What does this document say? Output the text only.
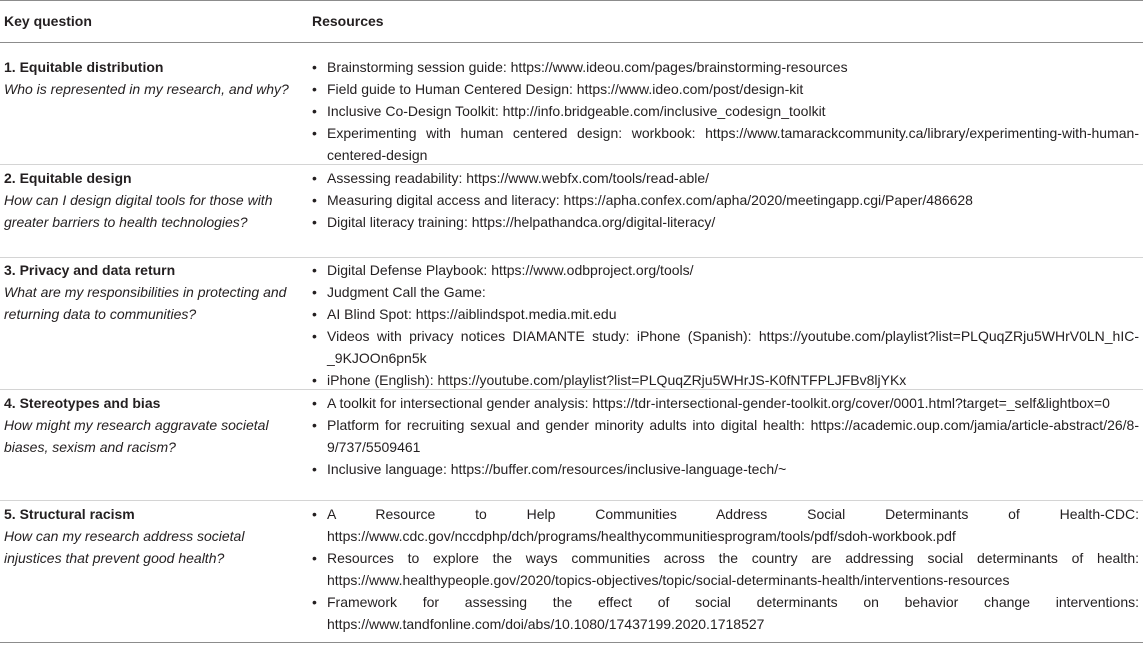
Key question	Resources
1. Equitable distribution
Who is represented in my research, and why?
• Brainstorming session guide: https://www.ideou.com/pages/brainstorming-resources
• Field guide to Human Centered Design: https://www.ideo.com/post/design-kit
• Inclusive Co-Design Toolkit: http://info.bridgeable.com/inclusive_codesign_toolkit
• Experimenting with human centered design: workbook: https://www.tamarackcommunity.ca/library/experimenting-with-human-centered-design
2. Equitable design
How can I design digital tools for those with greater barriers to health technologies?
• Assessing readability: https://www.webfx.com/tools/read-able/
• Measuring digital access and literacy: https://apha.confex.com/apha/2020/meetingapp.cgi/Paper/486628
• Digital literacy training: https://helpathandca.org/digital-literacy/
3. Privacy and data return
What are my responsibilities in protecting and returning data to communities?
• Digital Defense Playbook: https://www.odbproject.org/tools/
• Judgment Call the Game:
• AI Blind Spot: https://aiblindspot.media.mit.edu
• Videos with privacy notices DIAMANTE study: iPhone (Spanish): https://youtube.com/playlist?list=PLQuqZRju5WHrV0LN_hIC-_9KJOOn6pn5k
• iPhone (English): https://youtube.com/playlist?list=PLQuqZRju5WHrJS-K0fNTFPLJFBv8ljYKx
4. Stereotypes and bias
How might my research aggravate societal biases, sexism and racism?
• A toolkit for intersectional gender analysis: https://tdr-intersectional-gender-toolkit.org/cover/0001.html?target=_self&lightbox=0
• Platform for recruiting sexual and gender minority adults into digital health: https://academic.oup.com/jamia/article-abstract/26/8-9/737/5509461
• Inclusive language: https://buffer.com/resources/inclusive-language-tech/~
5. Structural racism
How can my research address societal injustices that prevent good health?
• A Resource to Help Communities Address Social Determinants of Health-CDC: https://www.cdc.gov/nccdphp/dch/programs/healthycommunitiesprogram/tools/pdf/sdoh-workbook.pdf
• Resources to explore the ways communities across the country are addressing social determinants of health: https://www.healthypeople.gov/2020/topics-objectives/topic/social-determinants-health/interventions-resources
• Framework for assessing the effect of social determinants on behavior change interventions: https://www.tandfonline.com/doi/abs/10.1080/17437199.2020.1718527
